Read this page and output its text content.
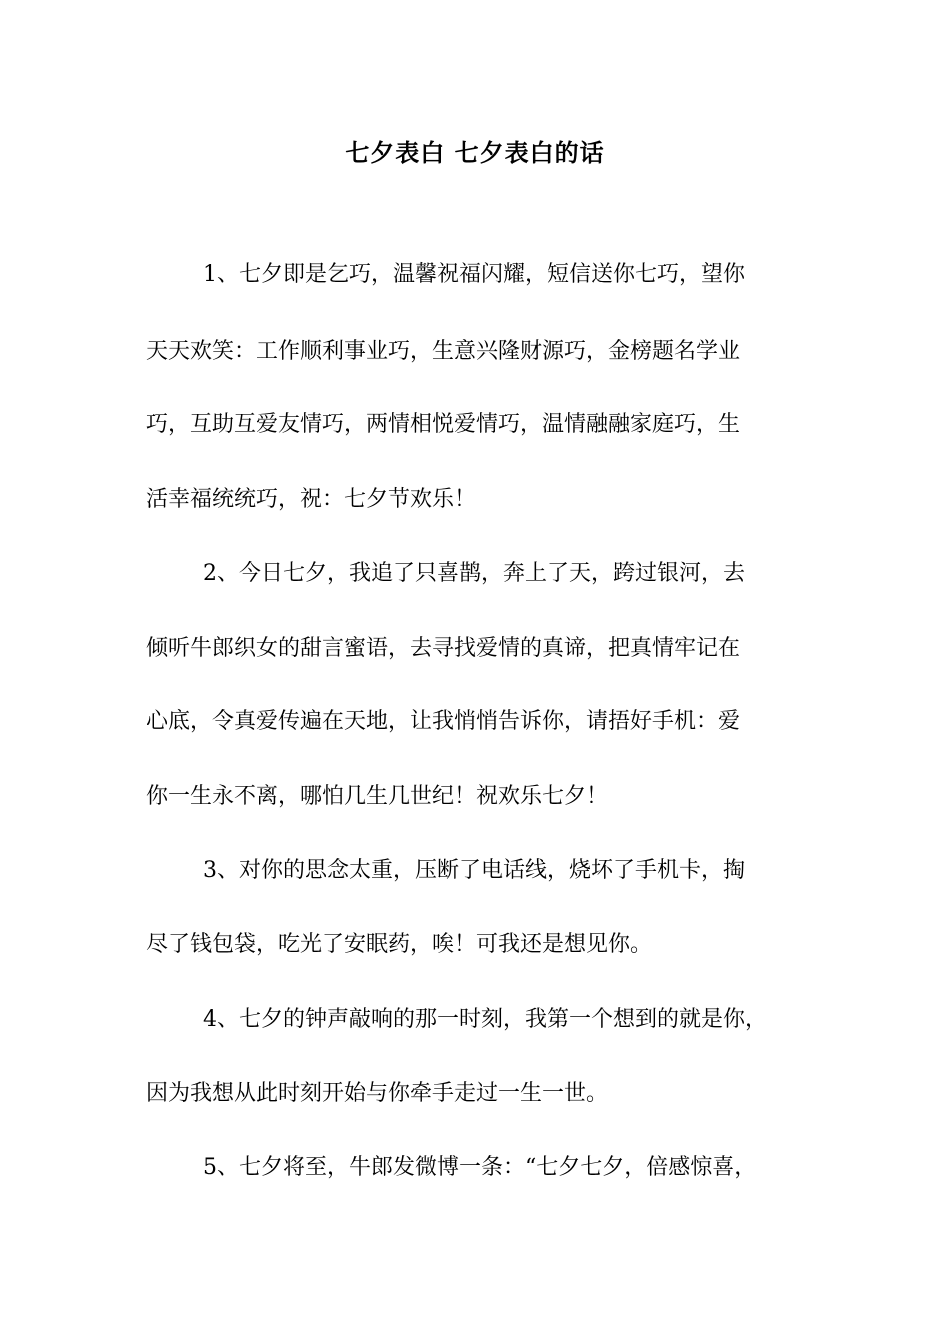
七夕表白 七夕表白的话
1、七夕即是乞巧，温馨祝福闪耀，短信送你七巧，望你
天天欢笑：工作顺利事业巧，生意兴隆财源巧，金榜题名学业
巧，互助互爱友情巧，两情相悦爱情巧，温情融融家庭巧，生
活幸福统统巧，祝：七夕节欢乐！
2、今日七夕，我追了只喜鹊，奔上了天，跨过银河，去
倾听牛郎织女的甜言蜜语，去寻找爱情的真谛，把真情牢记在
心底，令真爱传遍在天地，让我悄悄告诉你，请捂好手机：爱
你一生永不离，哪怕几生几世纪！祝欢乐七夕！
3、对你的思念太重，压断了电话线，烧坏了手机卡，掏
尽了钱包袋，吃光了安眠药，唉！可我还是想见你。
4、七夕的钟声敲响的那一时刻，我第一个想到的就是你，
因为我想从此时刻开始与你牵手走过一生一世。
5、七夕将至，牛郎发微博一条：“七夕七夕，倍感惊喜，
